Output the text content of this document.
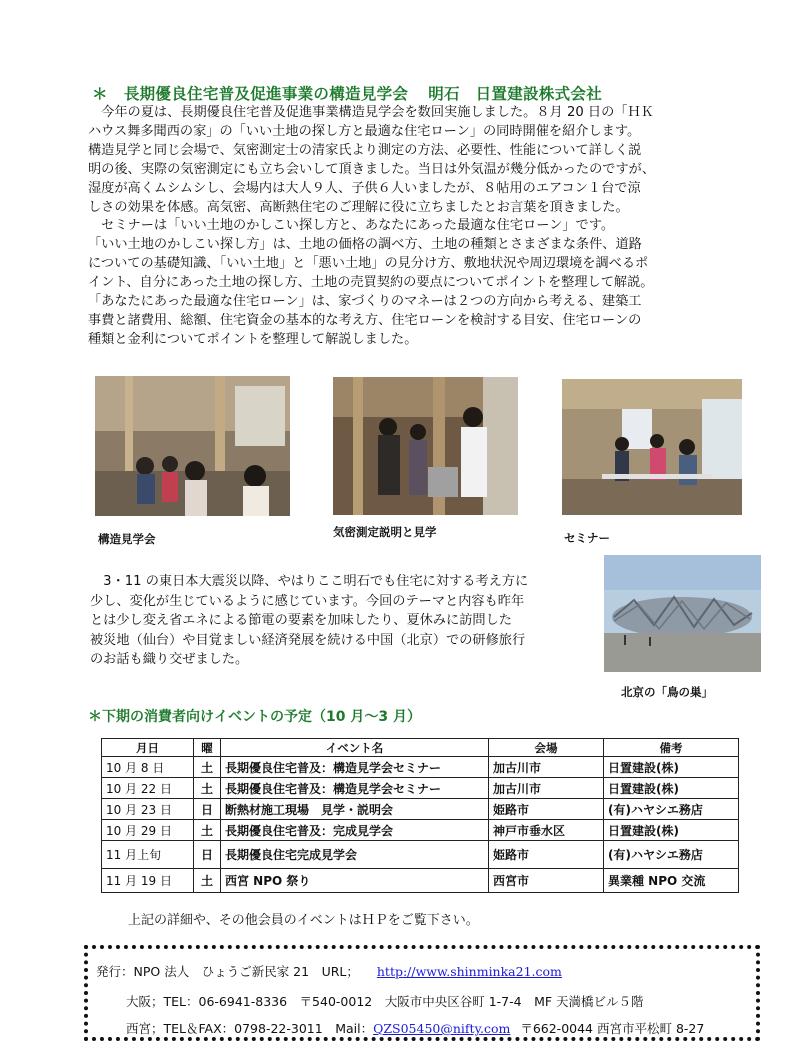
＊ 長期優良住宅普及促進事業の構造見学会 明石　日置建設株式会社

　今年の夏は、長期優良住宅普及促進事業構造見学会を数回実施しました。８月 20 日の「ＨＫ

ハウス舞多聞西の家」の「いい土地の探し方と最適な住宅ローン」の同時開催を紹介します。

構造見学と同じ会場で、気密測定士の清家氏より測定の方法、必要性、性能について詳しく説

明の後、実際の気密測定にも立ち会いして頂きました。当日は外気温が幾分低かったのですが、

湿度が高くムシムシし、会場内は大人９人、子供６人いましたが、８帖用のエアコン１台で涼

しさの効果を体感。高気密、高断熱住宅のご理解に役に立ちましたとお言葉を頂きました。

　セミナーは「いい土地のかしこい探し方と、あなたにあった最適な住宅ローン」です。

「いい土地のかしこい探し方」は、土地の価格の調べ方、土地の種類とさまざまな条件、道路

についての基礎知識、「いい土地」と「悪い土地」の見分け方、敷地状況や周辺環境を調べるポ

イント、自分にあった土地の探し方、土地の売買契約の要点についてポイントを整理して解説。

「あなたにあった最適な住宅ローン」は、家づくりのマネーは２つの方向から考える、建築工

事費と諸費用、総額、住宅資金の基本的な考え方、住宅ローンを検討する目安、住宅ローンの

種類と金利についてポイントを整理して解説しました。

構造見学会	気密測定説明と見学	セミナー

　3・11 の東日本大震災以降、やはりここ明石でも住宅に対する考え方に

少し、変化が生じているように感じています。今回のテーマと内容も昨年

とは少し変え省エネによる節電の要素を加味したり、夏休みに訪問した

被災地（仙台）や目覚ましい経済発展を続ける中国（北京）での研修旅行

のお話も織り交ぜました。

北京の「鳥の巣」
＊下期の消費者向けイベントの予定（10 月～3 月）
月日	曜	イベント名	会場	備考
10 月 8 日	土	長期優良住宅普及：構造見学会セミナー	加古川市	日置建設(株)
10 月 22 日	土	長期優良住宅普及：構造見学会セミナー	加古川市	日置建設(株)
10 月 23 日	日	断熱材施工現場　見学・説明会	姫路市	(有)ハヤシエ務店
10 月 29 日	土	長期優良住宅普及：完成見学会	神戸市垂水区	日置建設(株)
11 月上旬	日	長期優良住宅完成見学会	姫路市	(有)ハヤシエ務店
11 月 19 日	土	西宮 NPO 祭り	西宮市	異業種 NPO 交流
上記の詳細や、その他会員のイベントはＨＰをご覧下さい。
発行：NPO 法人　ひょうご新民家 21　URL； http://www.shinminka21.com
大阪；TEL：06-6941-8336　〒540-0012　大阪市中央区谷町 1-7-4　MF 天満橋ビル５階
西宮；TEL＆FAX：0798-22-3011　Mail：QZS05450@nifty.com 〒662-0044 西宮市平松町 8-27
